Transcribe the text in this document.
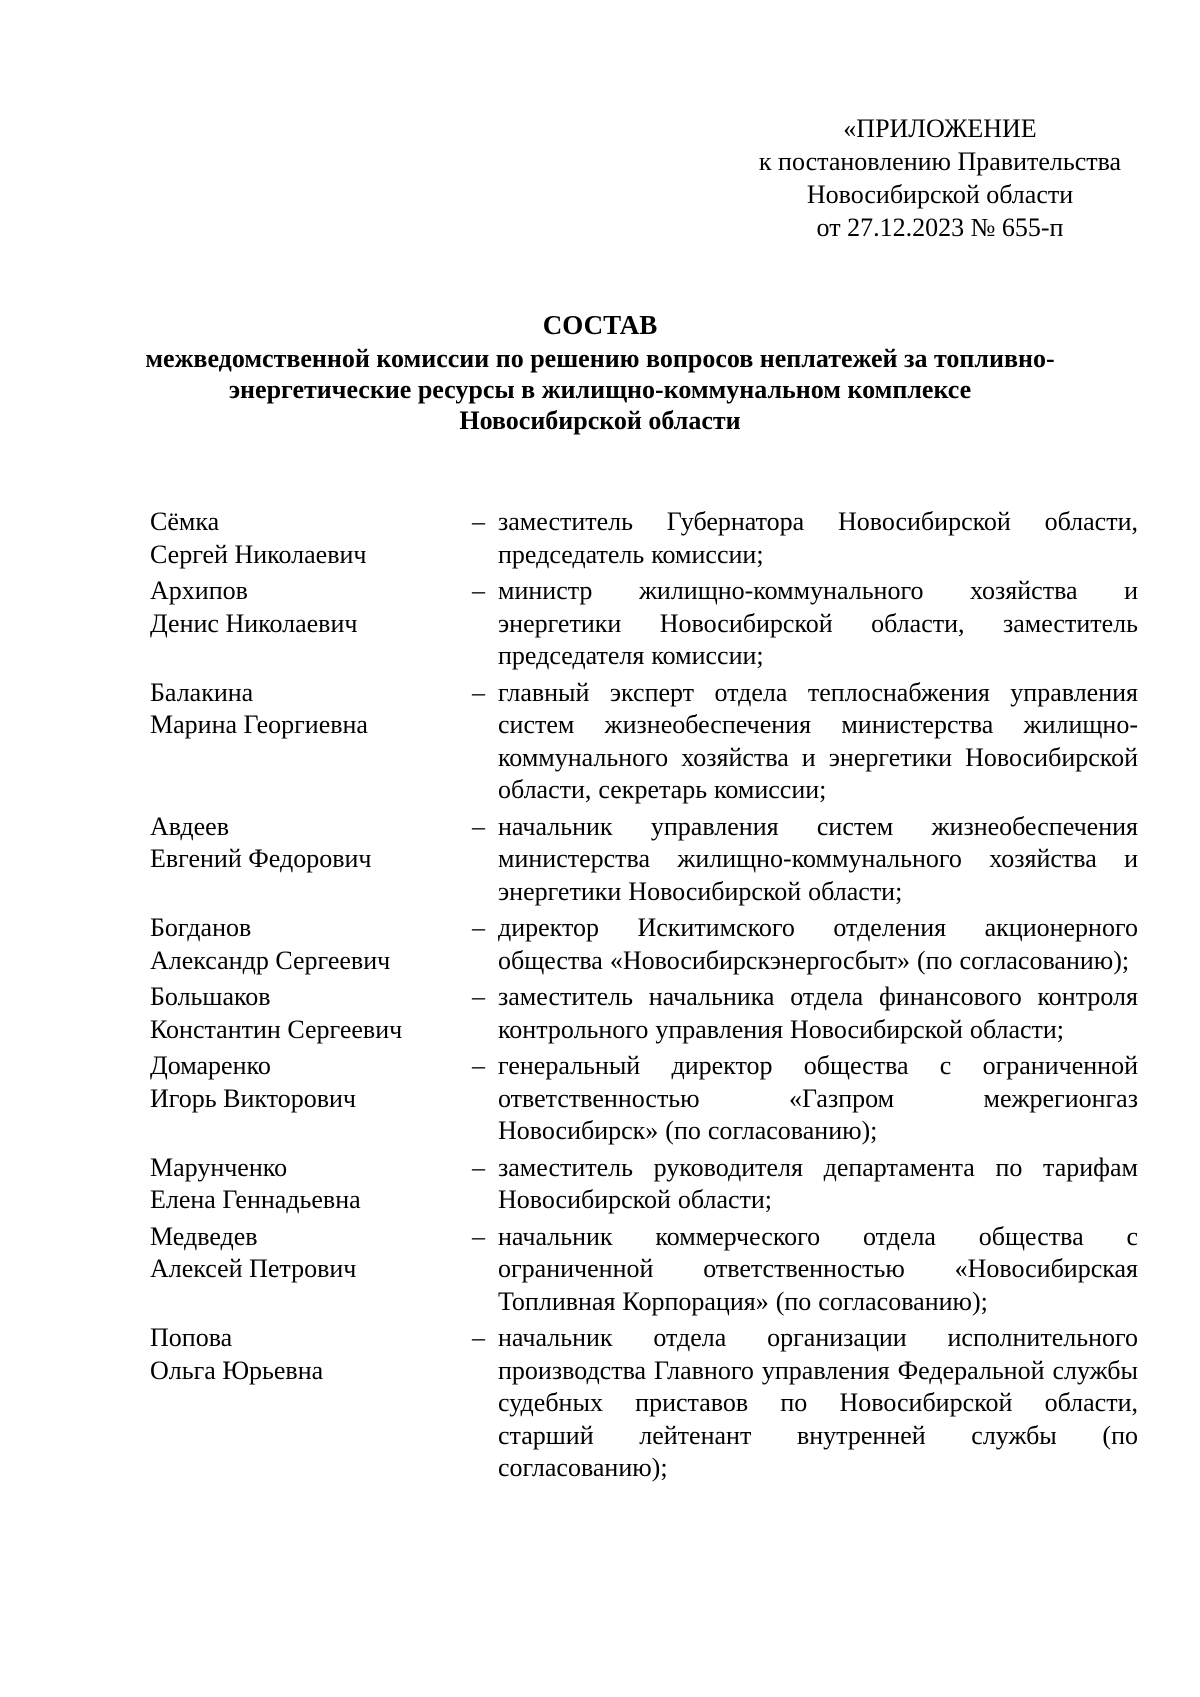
«ПРИЛОЖЕНИЕ
к постановлению Правительства
Новосибирской области
от 27.12.2023 № 655-п
СОСТАВ
межведомственной комиссии по решению вопросов неплатежей за топливно-
энергетические ресурсы в жилищно-коммунальном комплексе
Новосибирской области
Сёмка
Сергей Николаевич
– заместитель Губернатора Новосибирской области, председатель комиссии;
Архипов
Денис Николаевич
– министр жилищно-коммунального хозяйства и энергетики Новосибирской области, заместитель председателя комиссии;
Балакина
Марина Георгиевна
– главный эксперт отдела теплоснабжения управления систем жизнеобеспечения министерства жилищно-коммунального хозяйства и энергетики Новосибирской области, секретарь комиссии;
Авдеев
Евгений Федорович
– начальник управления систем жизнеобеспечения министерства жилищно-коммунального хозяйства и энергетики Новосибирской области;
Богданов
Александр Сергеевич
– директор Искитимского отделения акционерного общества «Новосибирскэнергосбыт» (по согласованию);
Большаков
Константин Сергеевич
– заместитель начальника отдела финансового контроля контрольного управления Новосибирской области;
Домаренко
Игорь Викторович
– генеральный директор общества с ограниченной ответственностью «Газпром межрегионгаз Новосибирск» (по согласованию);
Марунченко
Елена Геннадьевна
– заместитель руководителя департамента по тарифам Новосибирской области;
Медведев
Алексей Петрович
– начальник коммерческого отдела общества с ограниченной ответственностью «Новосибирская Топливная Корпорация» (по согласованию);
Попова
Ольга Юрьевна
– начальник отдела организации исполнительного производства Главного управления Федеральной службы судебных приставов по Новосибирской области, старший лейтенант внутренней службы (по согласованию);
